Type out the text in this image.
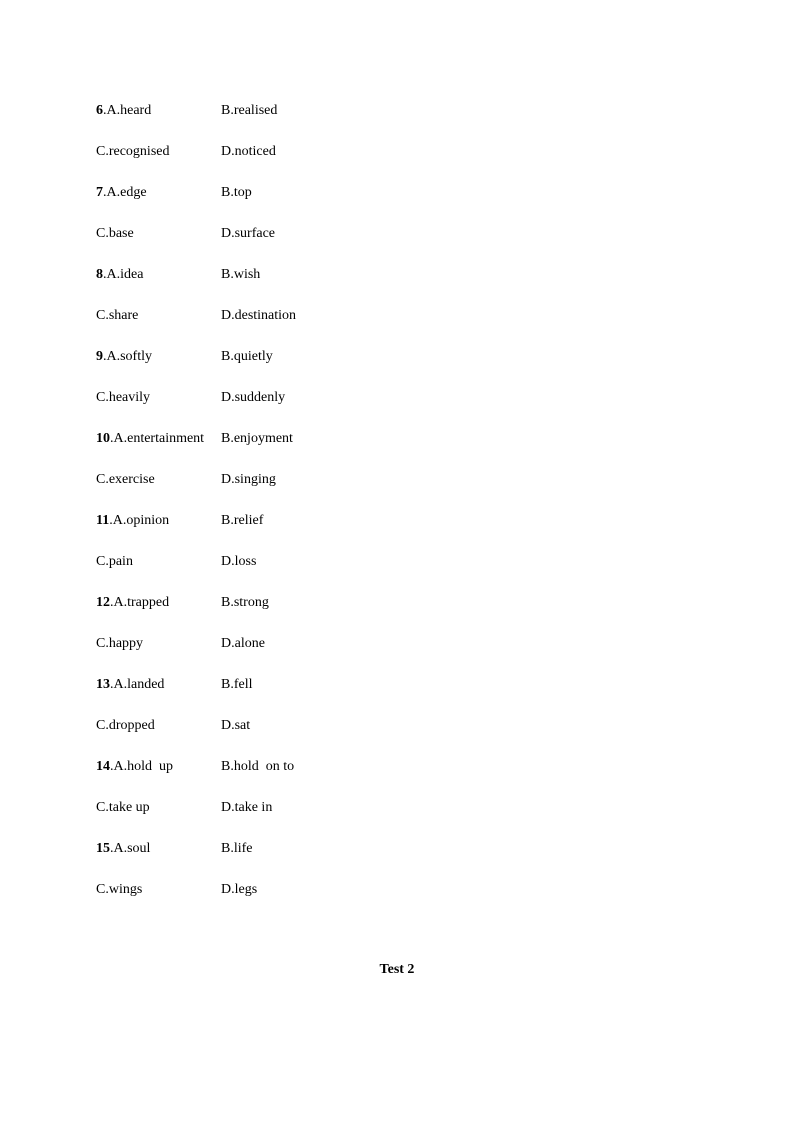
6.A.heard	B.realised
C.recognised	D.noticed
7.A.edge	B.top
C.base	D.surface
8.A.idea	B.wish
C.share	D.destination
9.A.softly	B.quietly
C.heavily	D.suddenly
10.A.entertainment	B.enjoyment
C.exercise	D.singing
11.A.opinion	B.relief
C.pain	D.loss
12.A.trapped	B.strong
C.happy	D.alone
13.A.landed	B.fell
C.dropped	D.sat
14.A.hold  up	B.hold  on to
C.take up	D.take in
15.A.soul	B.life
C.wings	D.legs
Test 2
